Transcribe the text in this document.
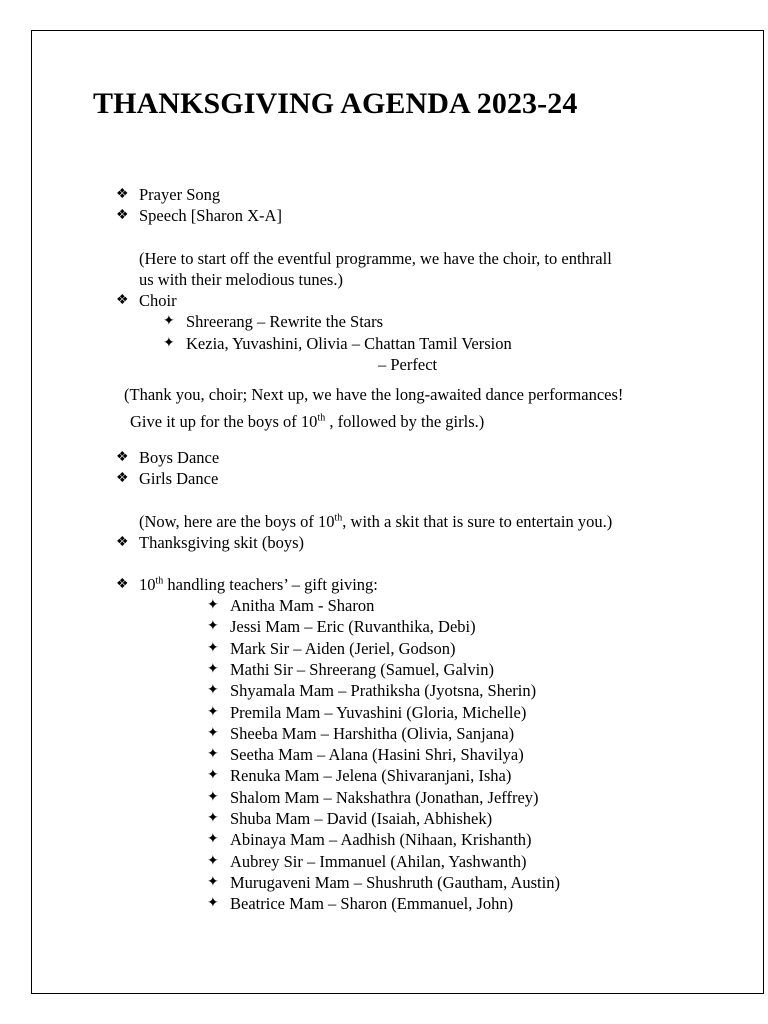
THANKSGIVING AGENDA 2023-24
❖ Prayer Song
❖ Speech [Sharon X-A]
(Here to start off the eventful programme, we have the choir, to enthrall
us with their melodious tunes.)
❖ Choir
✦ Shreerang – Rewrite the Stars
✦ Kezia, Yuvashini, Olivia – Chattan Tamil Version
– Perfect
(Thank you, choir; Next up, we have the long-awaited dance performances!
Give it up for the boys of 10th , followed by the girls.)
❖ Boys Dance
❖ Girls Dance
(Now, here are the boys of 10th, with a skit that is sure to entertain you.)
❖ Thanksgiving skit (boys)
❖ 10th handling teachers’ – gift giving:
✦ Anitha Mam - Sharon
✦ Jessi Mam – Eric (Ruvanthika, Debi)
✦ Mark Sir – Aiden (Jeriel, Godson)
✦ Mathi Sir – Shreerang (Samuel, Galvin)
✦ Shyamala Mam – Prathiksha (Jyotsna, Sherin)
✦ Premila Mam – Yuvashini (Gloria, Michelle)
✦ Sheeba Mam – Harshitha (Olivia, Sanjana)
✦ Seetha Mam – Alana (Hasini Shri, Shavilya)
✦ Renuka Mam – Jelena (Shivaranjani, Isha)
✦ Shalom Mam – Nakshathra (Jonathan, Jeffrey)
✦ Shuba Mam – David (Isaiah, Abhishek)
✦ Abinaya Mam – Aadhish (Nihaan, Krishanth)
✦ Aubrey Sir – Immanuel (Ahilan, Yashwanth)
✦ Murugaveni Mam – Shushruth (Gautham, Austin)
✦ Beatrice Mam – Sharon (Emmanuel, John)
